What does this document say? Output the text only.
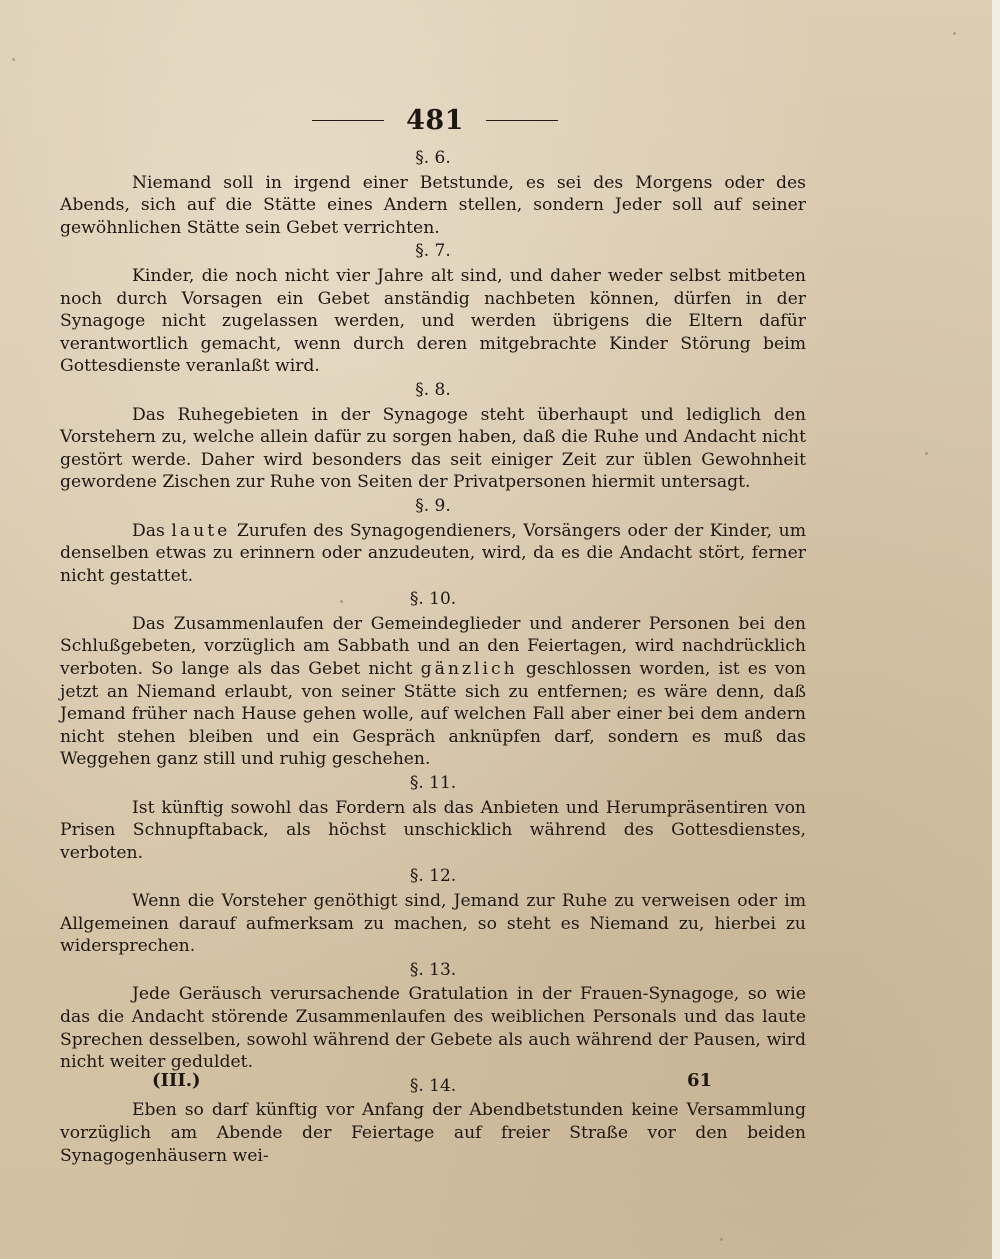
481
§. 6.

Niemand soll in irgend einer Betstunde, es sei des Morgens oder des Abends, sich auf die Stätte eines Andern stellen, sondern Jeder soll auf seiner gewöhnlichen Stätte sein Gebet verrichten.

§. 7.

Kinder, die noch nicht vier Jahre alt sind, und daher weder selbst mitbeten noch durch Vorsagen ein Gebet anständig nachbeten können, dürfen in der Synagoge nicht zugelassen werden, und werden übrigens die Eltern dafür verantwortlich gemacht, wenn durch deren mitgebrachte Kinder Störung beim Gottesdienste veranlaßt wird.

§. 8.

Das Ruhegebieten in der Synagoge steht überhaupt und lediglich den Vorstehern zu, welche allein dafür zu sorgen haben, daß die Ruhe und Andacht nicht gestört werde. Daher wird besonders das seit einiger Zeit zur üblen Gewohnheit gewordene Zischen zur Ruhe von Seiten der Privatpersonen hiermit untersagt.

§. 9.

Das laute Zurufen des Synagogendieners, Vorsängers oder der Kinder, um denselben etwas zu erinnern oder anzudeuten, wird, da es die Andacht stört, ferner nicht gestattet.

§. 10.

Das Zusammenlaufen der Gemeindeglieder und anderer Personen bei den Schlußgebeten, vorzüglich am Sabbath und an den Feiertagen, wird nachdrücklich verboten. So lange als das Gebet nicht gänzlich geschlossen worden, ist es von jetzt an Niemand erlaubt, von seiner Stätte sich zu entfernen; es wäre denn, daß Jemand früher nach Hause gehen wolle, auf welchen Fall aber einer bei dem andern nicht stehen bleiben und ein Gespräch anknüpfen darf, sondern es muß das Weggehen ganz still und ruhig geschehen.

§. 11.

Ist künftig sowohl das Fordern als das Anbieten und Herumpräsentiren von Prisen Schnupftaback, als höchst unschicklich während des Gottesdienstes, verboten.

§. 12.

Wenn die Vorsteher genöthigt sind, Jemand zur Ruhe zu verweisen oder im Allgemeinen darauf aufmerksam zu machen, so steht es Niemand zu, hierbei zu widersprechen.

§. 13.

Jede Geräusch verursachende Gratulation in der Frauen-Synagoge, so wie das die Andacht störende Zusammenlaufen des weiblichen Personals und das laute Sprechen desselben, sowohl während der Gebete als auch während der Pausen, wird nicht weiter geduldet.

§. 14.

Eben so darf künftig vor Anfang der Abendbetstunden keine Versammlung vorzüglich am Abende der Feiertage auf freier Straße vor den beiden Synagogenhäusern wei-

(III.)	61
